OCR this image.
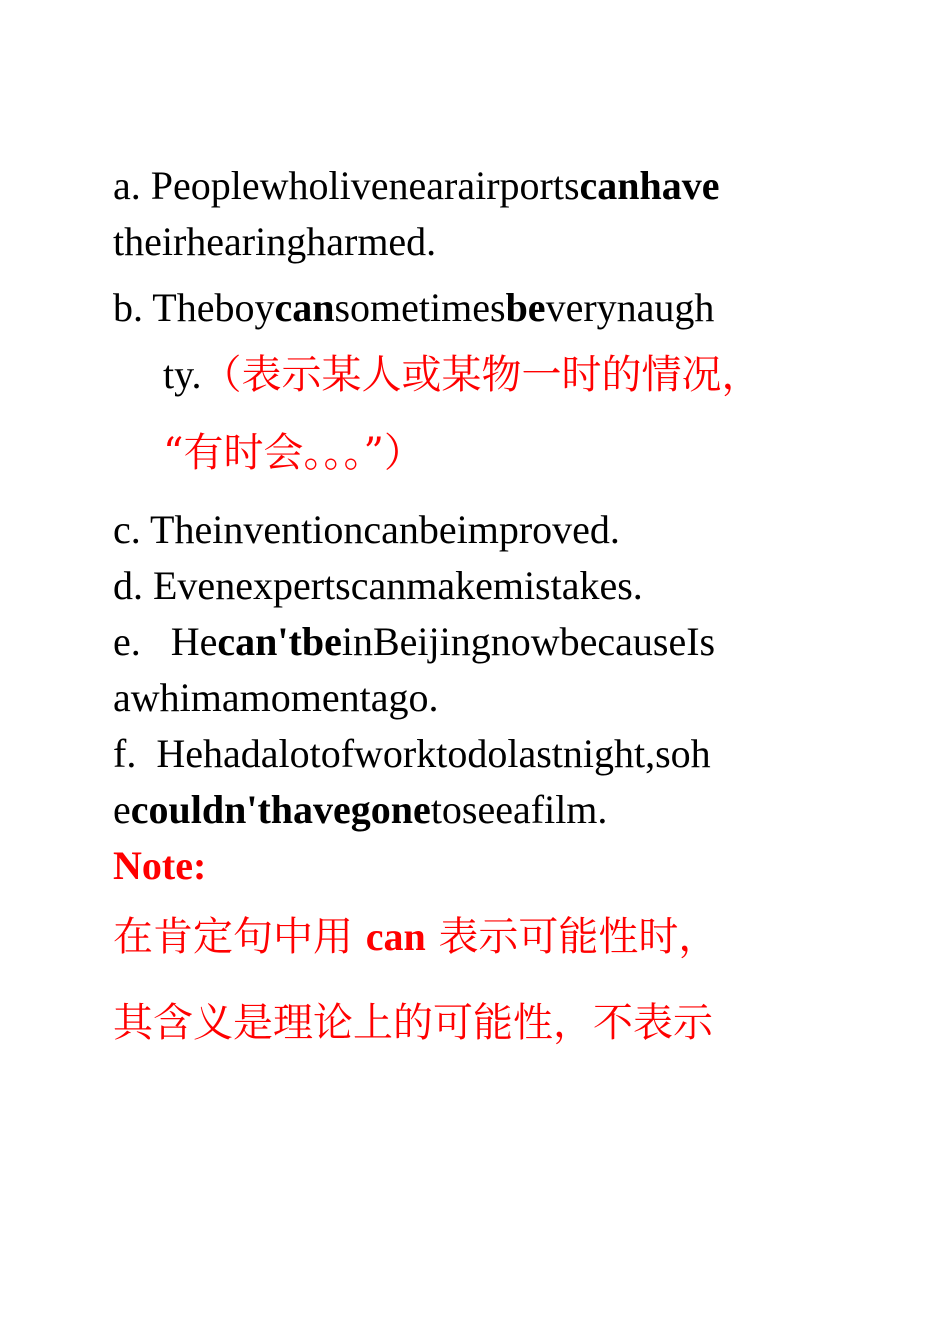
a. Peoplewholivenearairportscanhave
theirhearingharmed.
b. Theboycansometimesbeverynaugh
ty.（表示某人或某物一时的情况，
“有时会。。。”）
c. Theinventioncanbeimproved.
d. Evenexpertscanmakemistakes.
e. Hecan'tbeinBeijingnowbecauseIs
awhimamomentago.
f. Hehadalotofworktodolastnight,soh
ecouldn'thavegonetoseeafilm.
Note:
在肯定句中用 can 表示可能性时，
其含义是理论上的可能性，不表示
